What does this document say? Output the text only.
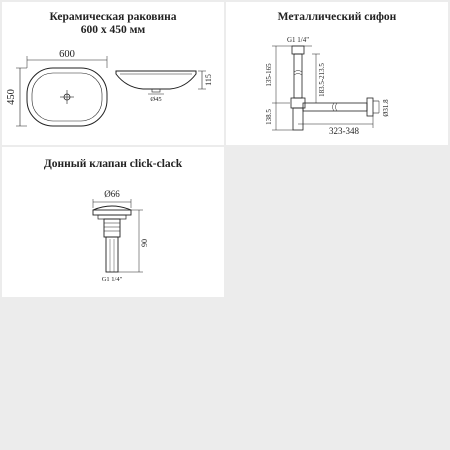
Керамическая раковина
600 х 450 мм
600
450
115
Ø45
Металлический сифон
G1 1/4"
135-165	183.5-213.5
138.5
323-348
Ø31.8
Донный клапан click-clack
Ø66
90
G1 1/4"
